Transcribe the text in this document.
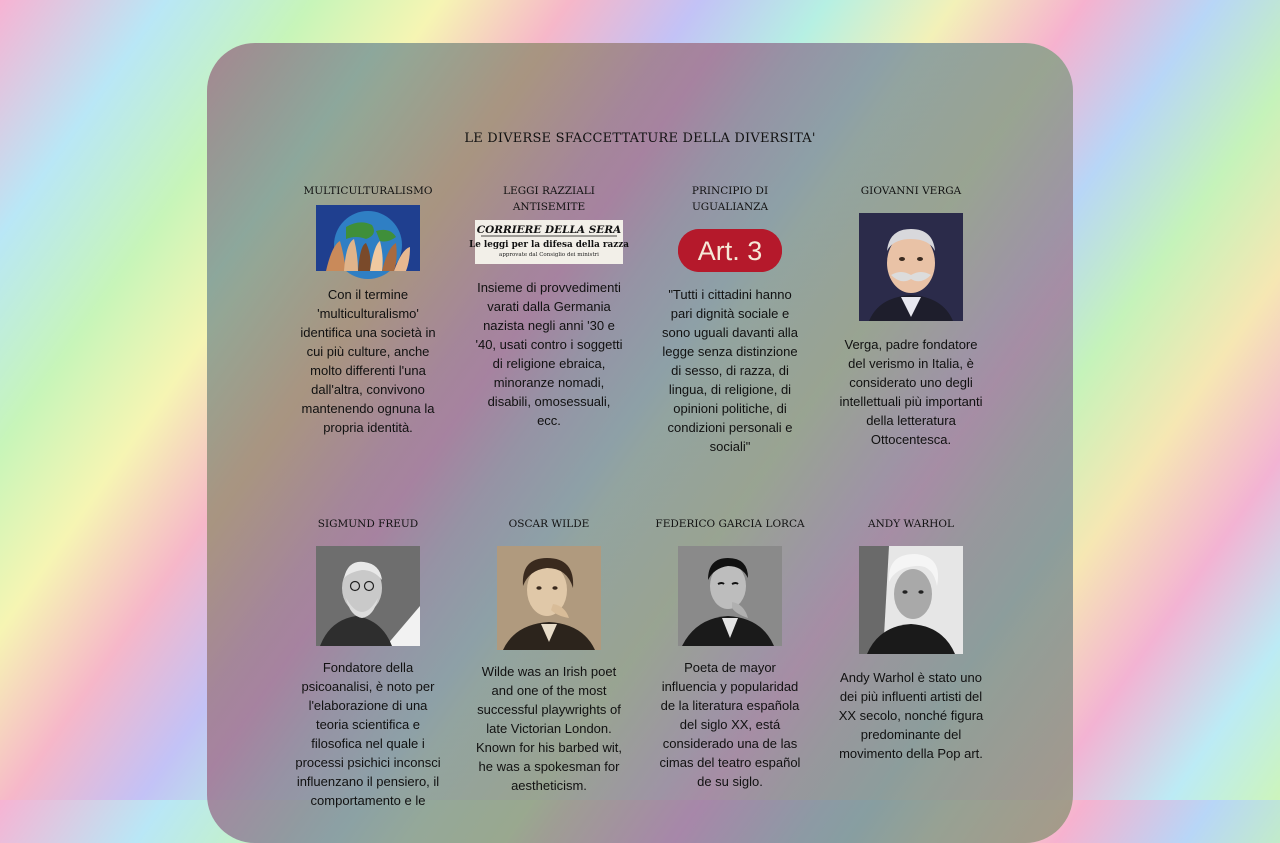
LE DIVERSE SFACCETTATURE DELLA DIVERSITA'
MULTICULTURALISMO
Con il termine 'multiculturalismo' identifica una società in cui più culture, anche molto differenti l'una dall'altra, convivono mantenendo ognuna la propria identità.
LEGGI RAZZIALI ANTISEMITE
CORRIERE DELLA SERA
Le leggi per la difesa della razza
approvate dal Consiglio dei ministri
Insieme di provvedimenti varati dalla Germania nazista negli anni '30 e '40, usati contro i soggetti di religione ebraica, minoranze nomadi, disabili, omosessuali, ecc.
PRINCIPIO DI UGUALIANZA
Art. 3
"Tutti i cittadini hanno pari dignità sociale e sono uguali davanti alla legge senza distinzione di sesso, di razza, di lingua, di religione, di opinioni politiche, di condizioni personali e sociali"
GIOVANNI VERGA
Verga, padre fondatore del verismo in Italia, è considerato uno degli intellettuali più importanti della letteratura Ottocentesca.
SIGMUND FREUD
Fondatore della psicoanalisi, è noto per l'elaborazione di una teoria scientifica e filosofica nel quale i processi psichici inconsci influenzano il pensiero, il comportamento e le
OSCAR WILDE
Wilde was an Irish poet and one of the most successful playwrights of late Victorian London. Known for his barbed wit, he was a spokesman for aestheticism.
FEDERICO GARCIA LORCA
Poeta de mayor influencia y popularidad de la literatura española del siglo XX, está considerado una de las cimas del teatro español de su siglo.
ANDY WARHOL
Andy Warhol è stato uno dei più influenti artisti del XX secolo, nonché figura predominante del movimento della Pop art.
